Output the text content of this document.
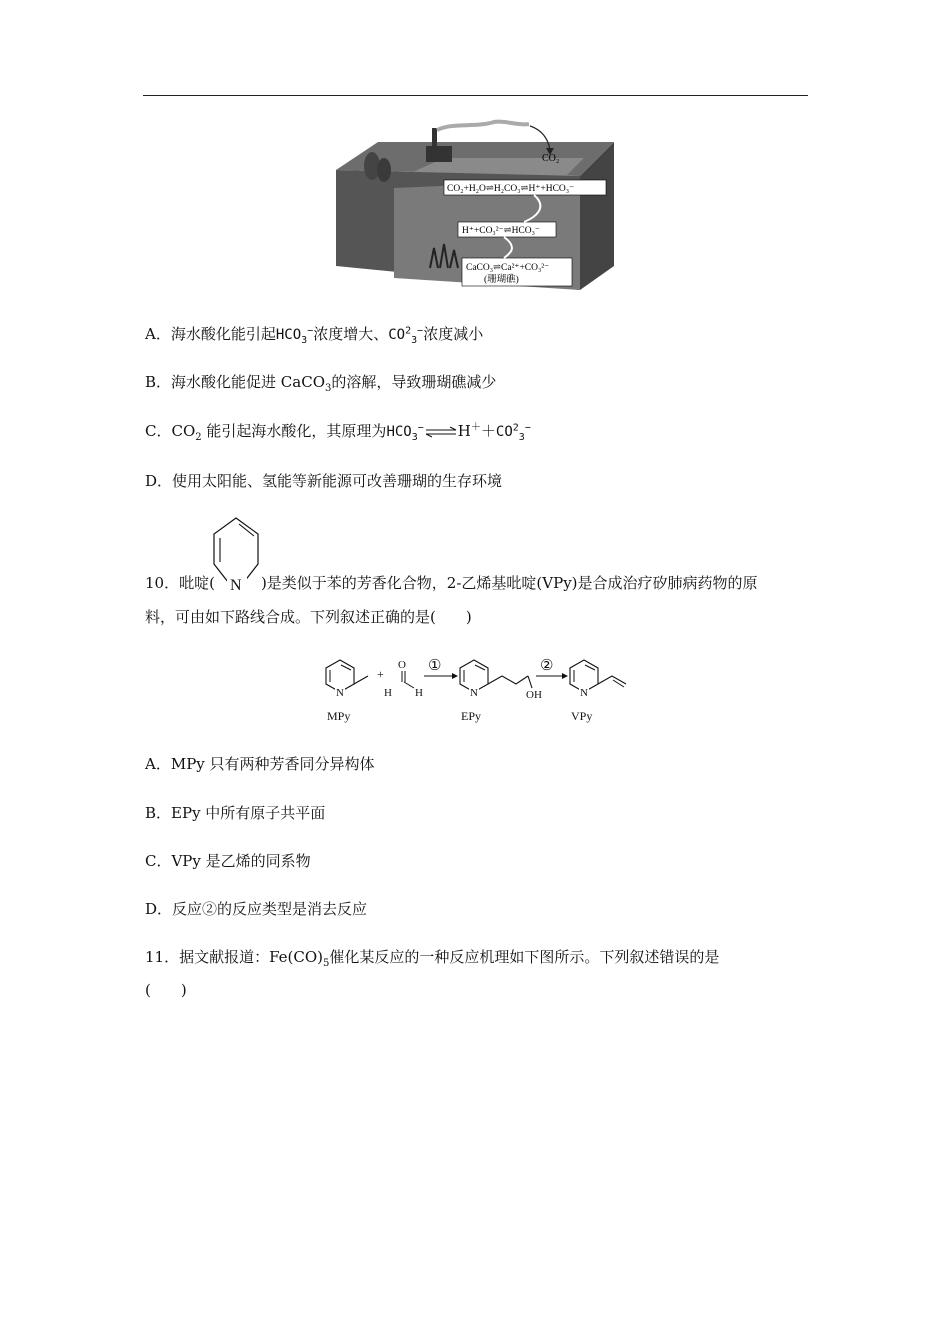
CO₂
CO₂+H₂O⇌H₂CO₃⇌H⁺+HCO₃⁻
H⁺+CO₃²⁻⇌HCO₃⁻
CaCO₃⇌Ca²⁺+CO₃²⁻
(珊瑚礁)
A．海水酸化能引起$HCO_3^-$浓度增大、$CO^2_3^-$浓度减小
B．海水酸化能促进 CaCO$_3$的溶解，导致珊瑚礁减少
C．$CO_2$ 能引起海水酸化，其原理为$HCO_3^-\rightleftharpoons H^++CO^2_3^-$
D．使用太阳能、氢能等新能源可改善珊瑚的生存环境
10．吡啶(	)是类似于苯的芳香化合物，2-乙烯基吡啶(VPy)是合成治疗矽肺病药物的原
N
料，可由如下路线合成。下列叙述正确的是(　　)
N
MPy
+
O
H H
①
N	OH
EPy
②
N
VPy
A．MPy 只有两种芳香同分异构体
B．EPy 中所有原子共平面
C．VPy 是乙烯的同系物
D．反应②的反应类型是消去反应
11．据文献报道：$Fe(CO)_5$催化某反应的一种反应机理如下图所示。下列叙述错误的是
(　　)
